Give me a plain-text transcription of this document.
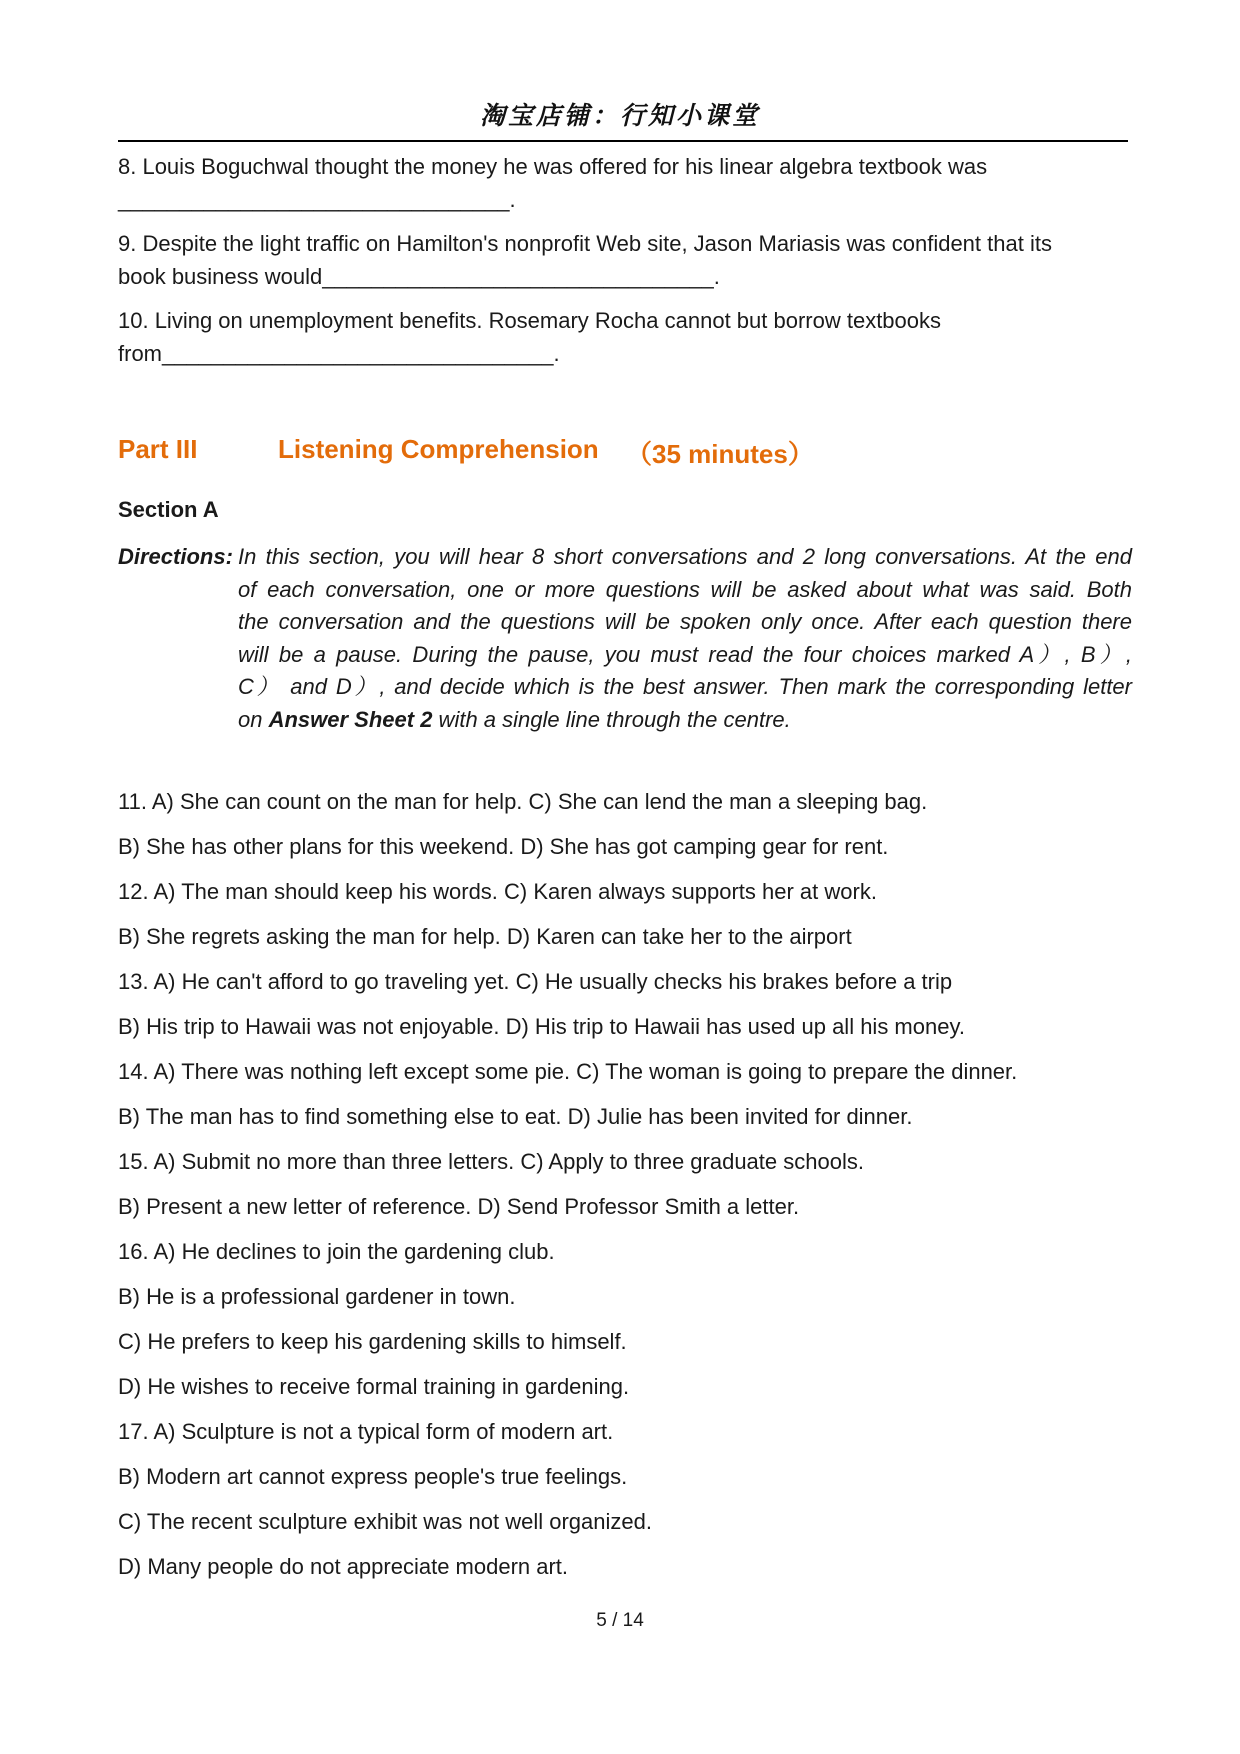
淘宝店铺：行知小课堂
8. Louis Boguchwal thought the money he was offered for his linear algebra textbook was
________________________________.
9. Despite the light traffic on Hamilton's nonprofit Web site, Jason Mariasis was confident that its
book business would________________________________.
10. Living on unemployment benefits. Rosemary Rocha cannot but borrow textbooks
from________________________________.
Part III	Listening Comprehension （35 minutes）
Section A
Directions: In this section, you will hear 8 short conversations and 2 long conversations. At the end
of each conversation, one or more questions will be asked about what was said. Both
the conversation and the questions will be spoken only once. After each question there
will be a pause. During the pause, you must read the four choices marked A）, B）,
C） and D）, and decide which is the best answer. Then mark the corresponding letter
on Answer Sheet 2 with a single line through the centre.
11. A) She can count on the man for help. C) She can lend the man a sleeping bag.
B) She has other plans for this weekend. D) She has got camping gear for rent.
12. A) The man should keep his words. C) Karen always supports her at work.
B) She regrets asking the man for help. D) Karen can take her to the airport
13. A) He can't afford to go traveling yet. C) He usually checks his brakes before a trip
B) His trip to Hawaii was not enjoyable. D) His trip to Hawaii has used up all his money.
14. A) There was nothing left except some pie. C) The woman is going to prepare the dinner.
B) The man has to find something else to eat. D) Julie has been invited for dinner.
15. A) Submit no more than three letters. C) Apply to three graduate schools.
B) Present a new letter of reference. D) Send Professor Smith a letter.
16. A) He declines to join the gardening club.
B) He is a professional gardener in town.
C) He prefers to keep his gardening skills to himself.
D) He wishes to receive formal training in gardening.
17. A) Sculpture is not a typical form of modern art.
B) Modern art cannot express people's true feelings.
C) The recent sculpture exhibit was not well organized.
D) Many people do not appreciate modern art.
5 / 14
